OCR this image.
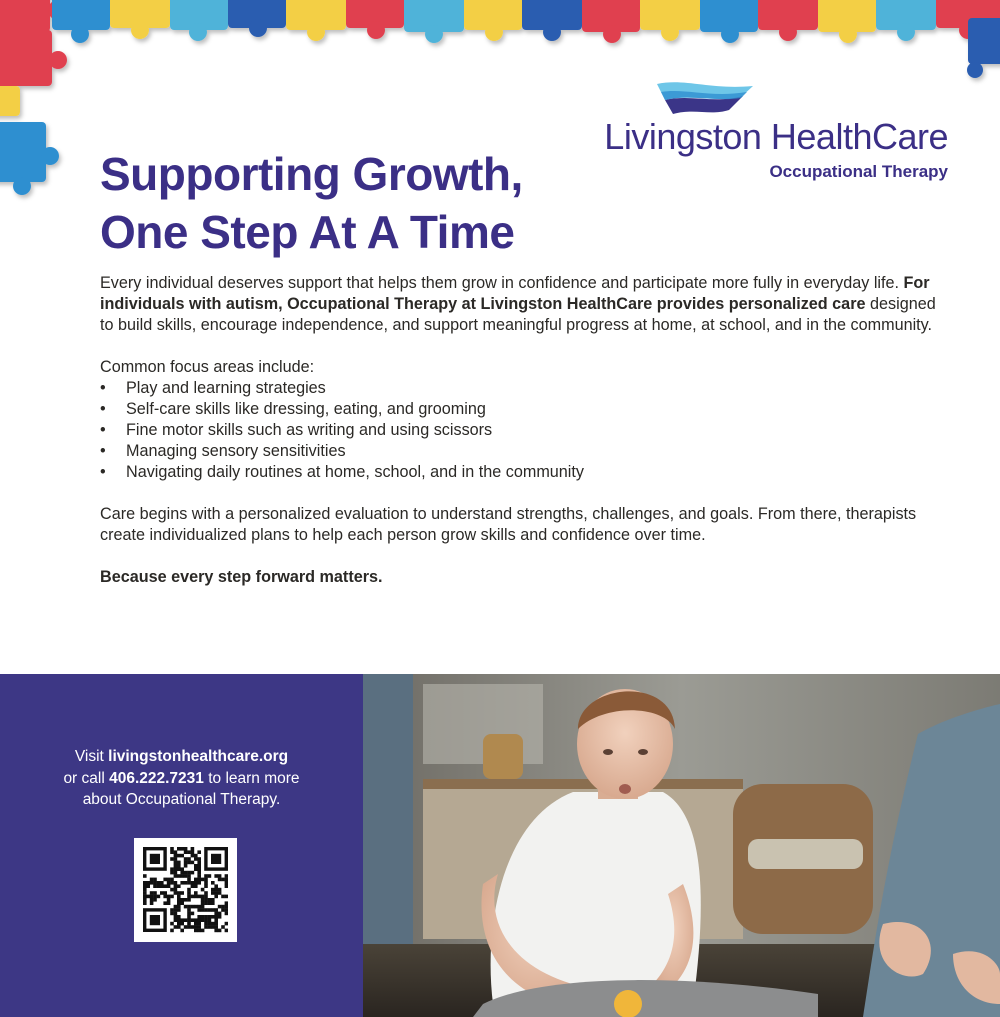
Livingston HealthCare
Occupational Therapy
Supporting Growth,
One Step At A Time

Every individual deserves support that helps them grow in confidence and participate more fully in everyday life. For individuals with autism, Occupational Therapy at Livingston HealthCare provides personalized care designed to build skills, encourage independence, and support meaningful progress at home, at school, and in the community.

Common focus areas include:

• Play and learning strategies
• Self-care skills like dressing, eating, and grooming
• Fine motor skills such as writing and using scissors
• Managing sensory sensitivities
• Navigating daily routines at home, school, and in the community

Care begins with a personalized evaluation to understand strengths, challenges, and goals. From there, therapists create individualized plans to help each person grow skills and confidence over time.

Because every step forward matters.

Visit livingstonhealthcare.org
or call 406.222.7231 to learn more
about Occupational Therapy.
